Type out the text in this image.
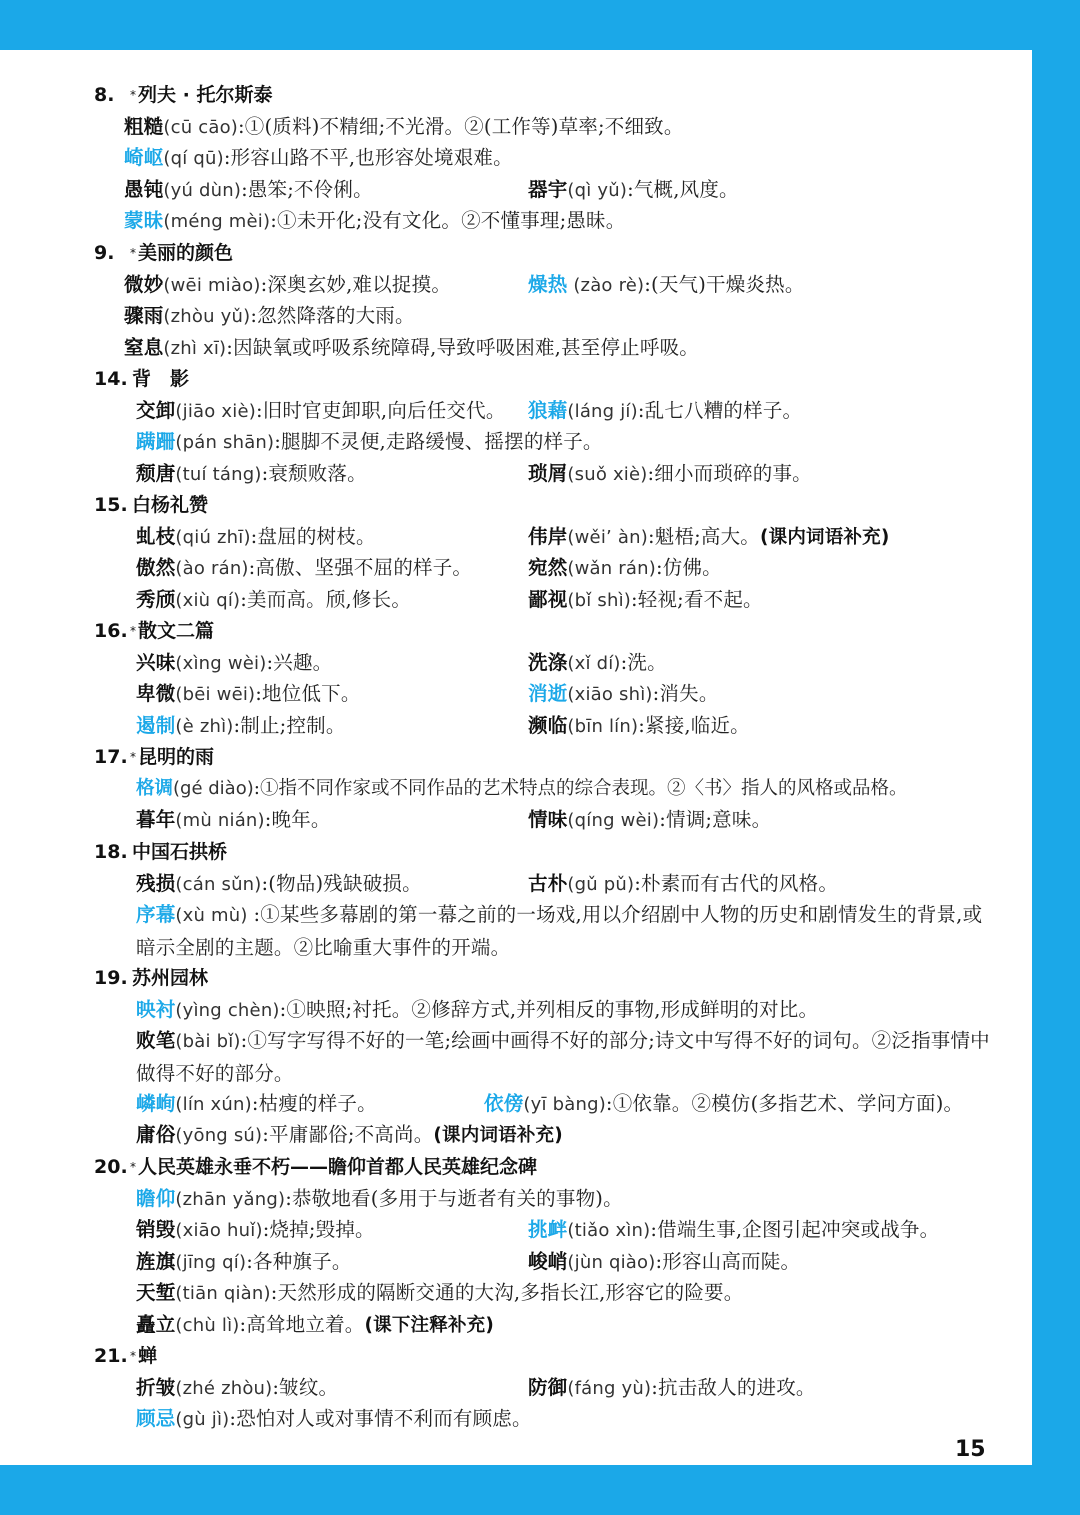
8. * 列夫 · 托尔斯泰
粗糙(cū cāo):①(质料)不精细;不光滑。②(工作等)草率;不细致。
崎岖(qí qū):形容山路不平,也形容处境艰难。
愚钝(yú dùn):愚笨;不伶俐。	器宇(qì yǔ):气概,风度。
蒙昧(méng mèi):①未开化;没有文化。②不懂事理;愚昧。
9. * 美丽的颜色
微妙(wēi miào):深奥玄妙,难以捉摸。	燥热 (zào rè):(天气)干燥炎热。
骤雨(zhòu yǔ):忽然降落的大雨。
窒息(zhì xī):因缺氧或呼吸系统障碍,导致呼吸困难,甚至停止呼吸。
14. 背　影
交卸(jiāo xiè):旧时官吏卸职,向后任交代。 狼藉(láng jí):乱七八糟的样子。
蹒跚(pán shān):腿脚不灵便,走路缓慢、摇摆的样子。
颓唐(tuí táng):衰颓败落。	琐屑(suǒ xiè):细小而琐碎的事。
15. 白杨礼赞
虬枝(qiú zhī):盘屈的树枝。	伟岸(wěi’ àn):魁梧;高大。(课内词语补充)
傲然(ào rán):高傲、坚强不屈的样子。	宛然(wǎn rán):仿佛。
秀颀(xiù qí):美而高。颀,修长。	鄙视(bǐ shì):轻视;看不起。
16. * 散文二篇
兴味(xìng wèi):兴趣。	洗涤(xǐ dí):洗。
卑微(bēi wēi):地位低下。	消逝(xiāo shì):消失。
遏制(è zhì):制止;控制。	濒临(bīn lín):紧接,临近。
17. * 昆明的雨
格调(gé diào):①指不同作家或不同作品的艺术特点的综合表现。②〈书〉指人的风格或品格。
暮年(mù nián):晚年。	情味(qíng wèi):情调;意味。
18. 中国石拱桥
残损(cán sǔn):(物品)残缺破损。	古朴(gǔ pǔ):朴素而有古代的风格。
序幕(xù mù) :①某些多幕剧的第一幕之前的一场戏,用以介绍剧中人物的历史和剧情发生的背景,或暗示全剧的主题。②比喻重大事件的开端。
19. 苏州园林
映衬(yìng chèn):①映照;衬托。②修辞方式,并列相反的事物,形成鲜明的对比。
败笔(bài bǐ):①写字写得不好的一笔;绘画中画得不好的部分;诗文中写得不好的词句。②泛指事情中做得不好的部分。
嶙峋(lín xún):枯瘦的样子。	依傍(yī bàng):①依靠。②模仿(多指艺术、学问方面)。
庸俗(yōng sú):平庸鄙俗;不高尚。(课内词语补充)
20. * 人民英雄永垂不朽——瞻仰首都人民英雄纪念碑
瞻仰(zhān yǎng):恭敬地看(多用于与逝者有关的事物)。
销毁(xiāo huǐ):烧掉;毁掉。	挑衅(tiǎo xìn):借端生事,企图引起冲突或战争。
旌旗(jīng qí):各种旗子。	峻峭(jùn qiào):形容山高而陡。
天堑(tiān qiàn):天然形成的隔断交通的大沟,多指长江,形容它的险要。
矗立(chù lì):高耸地立着。(课下注释补充)
21. * 蝉
折皱(zhé zhòu):皱纹。	防御(fáng yù):抗击敌人的进攻。
顾忌(gù jì):恐怕对人或对事情不利而有顾虑。
15
